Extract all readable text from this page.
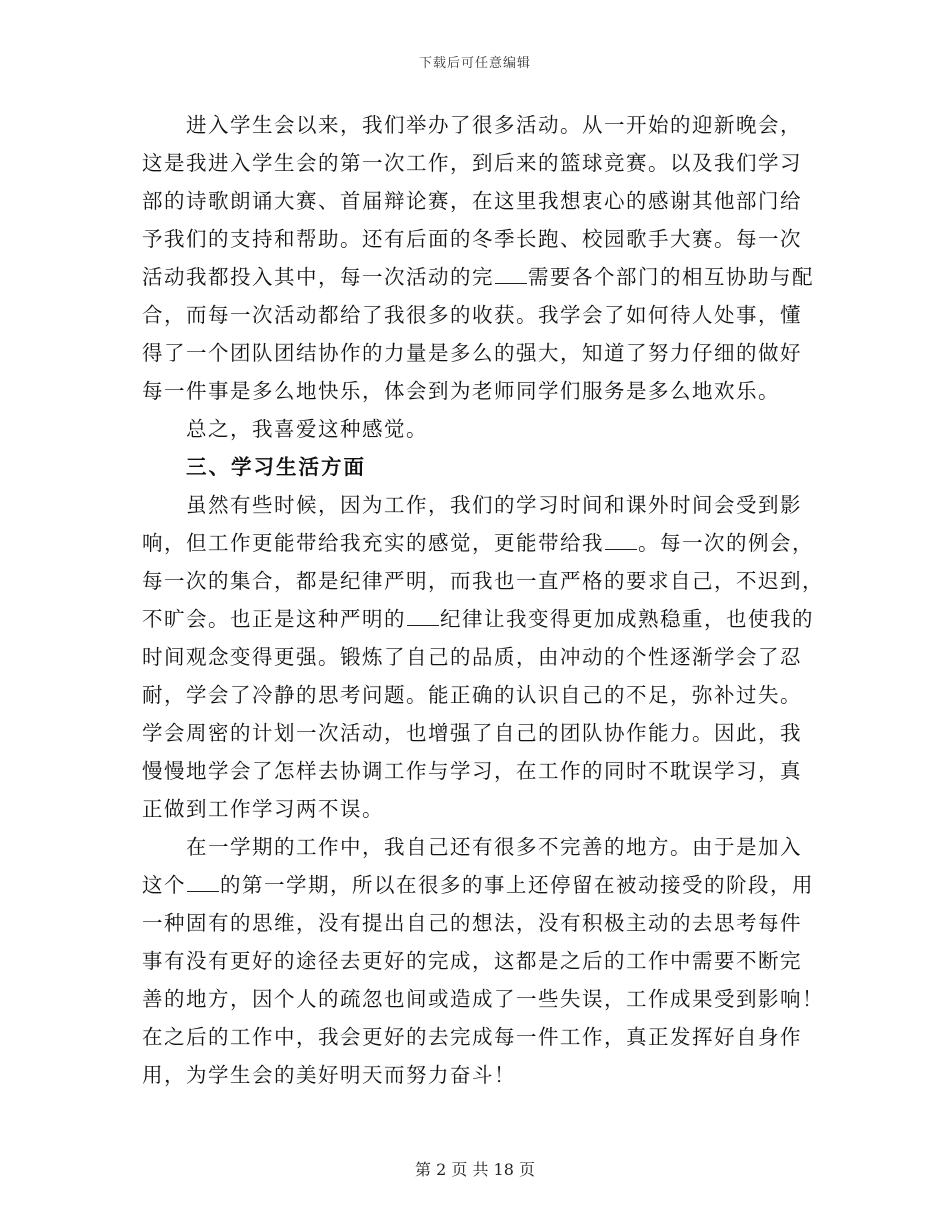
下载后可任意编辑
进入学生会以来，我们举办了很多活动。从一开始的迎新晚会，
这是我进入学生会的第一次工作，到后来的篮球竞赛。以及我们学习
部的诗歌朗诵大赛、首届辩论赛，在这里我想衷心的感谢其他部门给
予我们的支持和帮助。还有后面的冬季长跑、校园歌手大赛。每一次
活动我都投入其中，每一次活动的完 需要各个部门的相互协助与配
合，而每一次活动都给了我很多的收获。我学会了如何待人处事，懂
得了一个团队团结协作的力量是多么的强大，知道了努力仔细的做好
每一件事是多么地快乐，体会到为老师同学们服务是多么地欢乐。
总之，我喜爱这种感觉。
三、学习生活方面
虽然有些时候，因为工作，我们的学习时间和课外时间会受到影
响，但工作更能带给我充实的感觉，更能带给我 。每一次的例会，
每一次的集合，都是纪律严明，而我也一直严格的要求自己，不迟到，
不旷会。也正是这种严明的 纪律让我变得更加成熟稳重，也使我的
时间观念变得更强。锻炼了自己的品质，由冲动的个性逐渐学会了忍
耐，学会了冷静的思考问题。能正确的认识自己的不足，弥补过失。
学会周密的计划一次活动，也增强了自己的团队协作能力。因此，我
慢慢地学会了怎样去协调工作与学习，在工作的同时不耽误学习，真
正做到工作学习两不误。
在一学期的工作中，我自己还有很多不完善的地方。由于是加入
这个 的第一学期，所以在很多的事上还停留在被动接受的阶段，用
一种固有的思维，没有提出自己的想法，没有积极主动的去思考每件
事有没有更好的途径去更好的完成，这都是之后的工作中需要不断完
善的地方，因个人的疏忽也间或造成了一些失误，工作成果受到影响！
在之后的工作中，我会更好的去完成每一件工作，真正发挥好自身作
用，为学生会的美好明天而努力奋斗！
第 2 页 共 18 页
